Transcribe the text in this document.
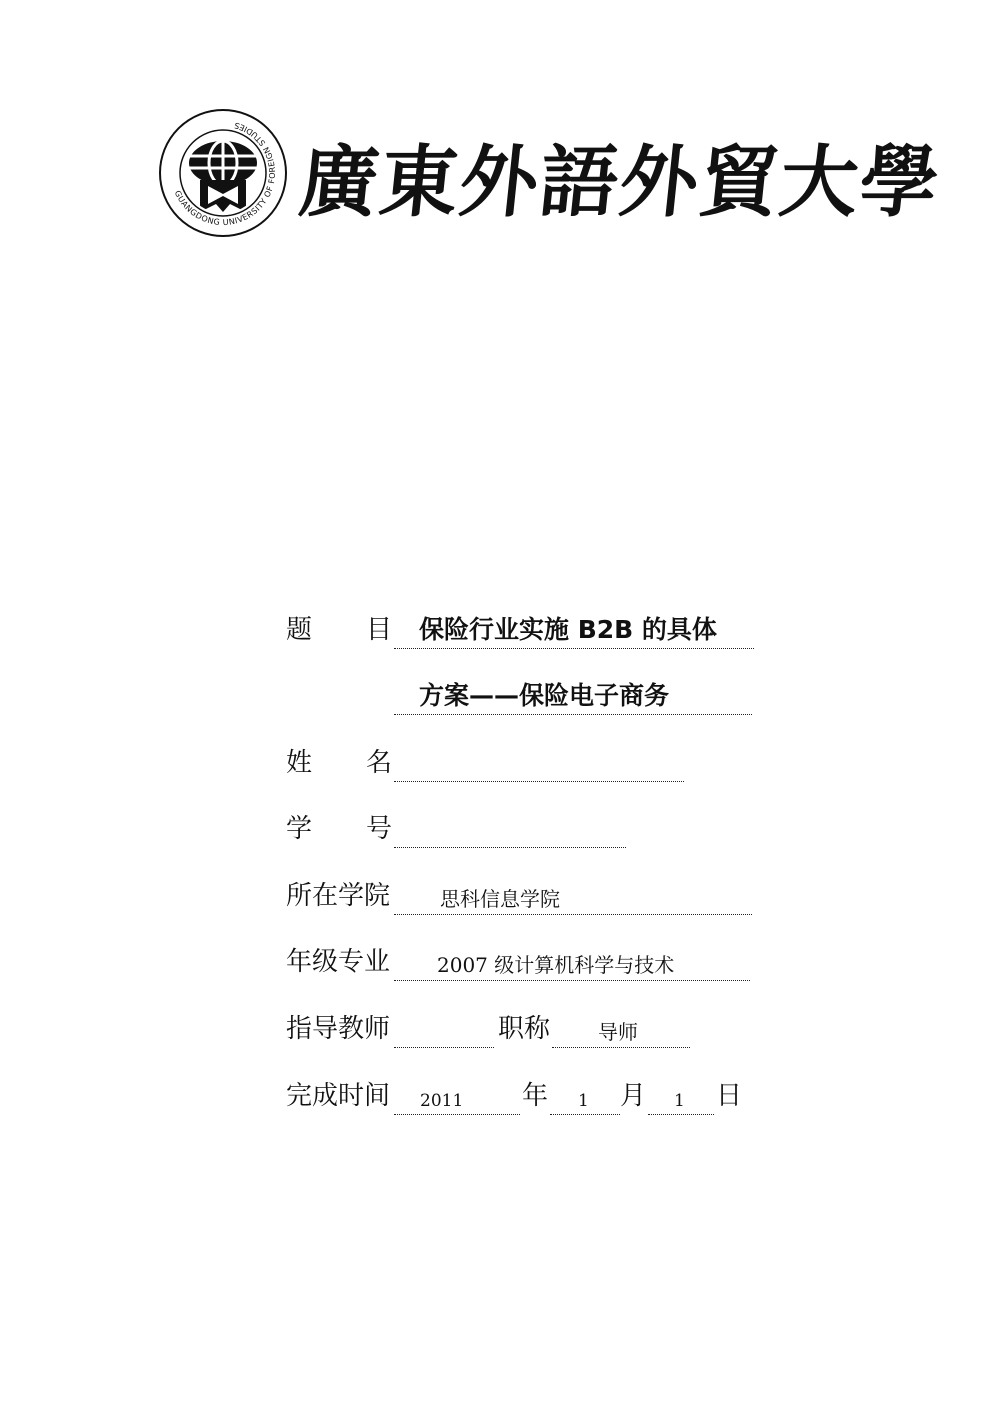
GUANGDONG UNIVERSITY OF FOREIGN STUDIES
廣東外語外貿大學
题 目 保险行业实施 B2B 的具体
方案——保险电子商务
姓 名
学 号
所在学院 思科信息学院
年级专业 2007 级计算机科学与技术
指导教师	职称 导师
完成时间 2011 年 1 月 1 日
